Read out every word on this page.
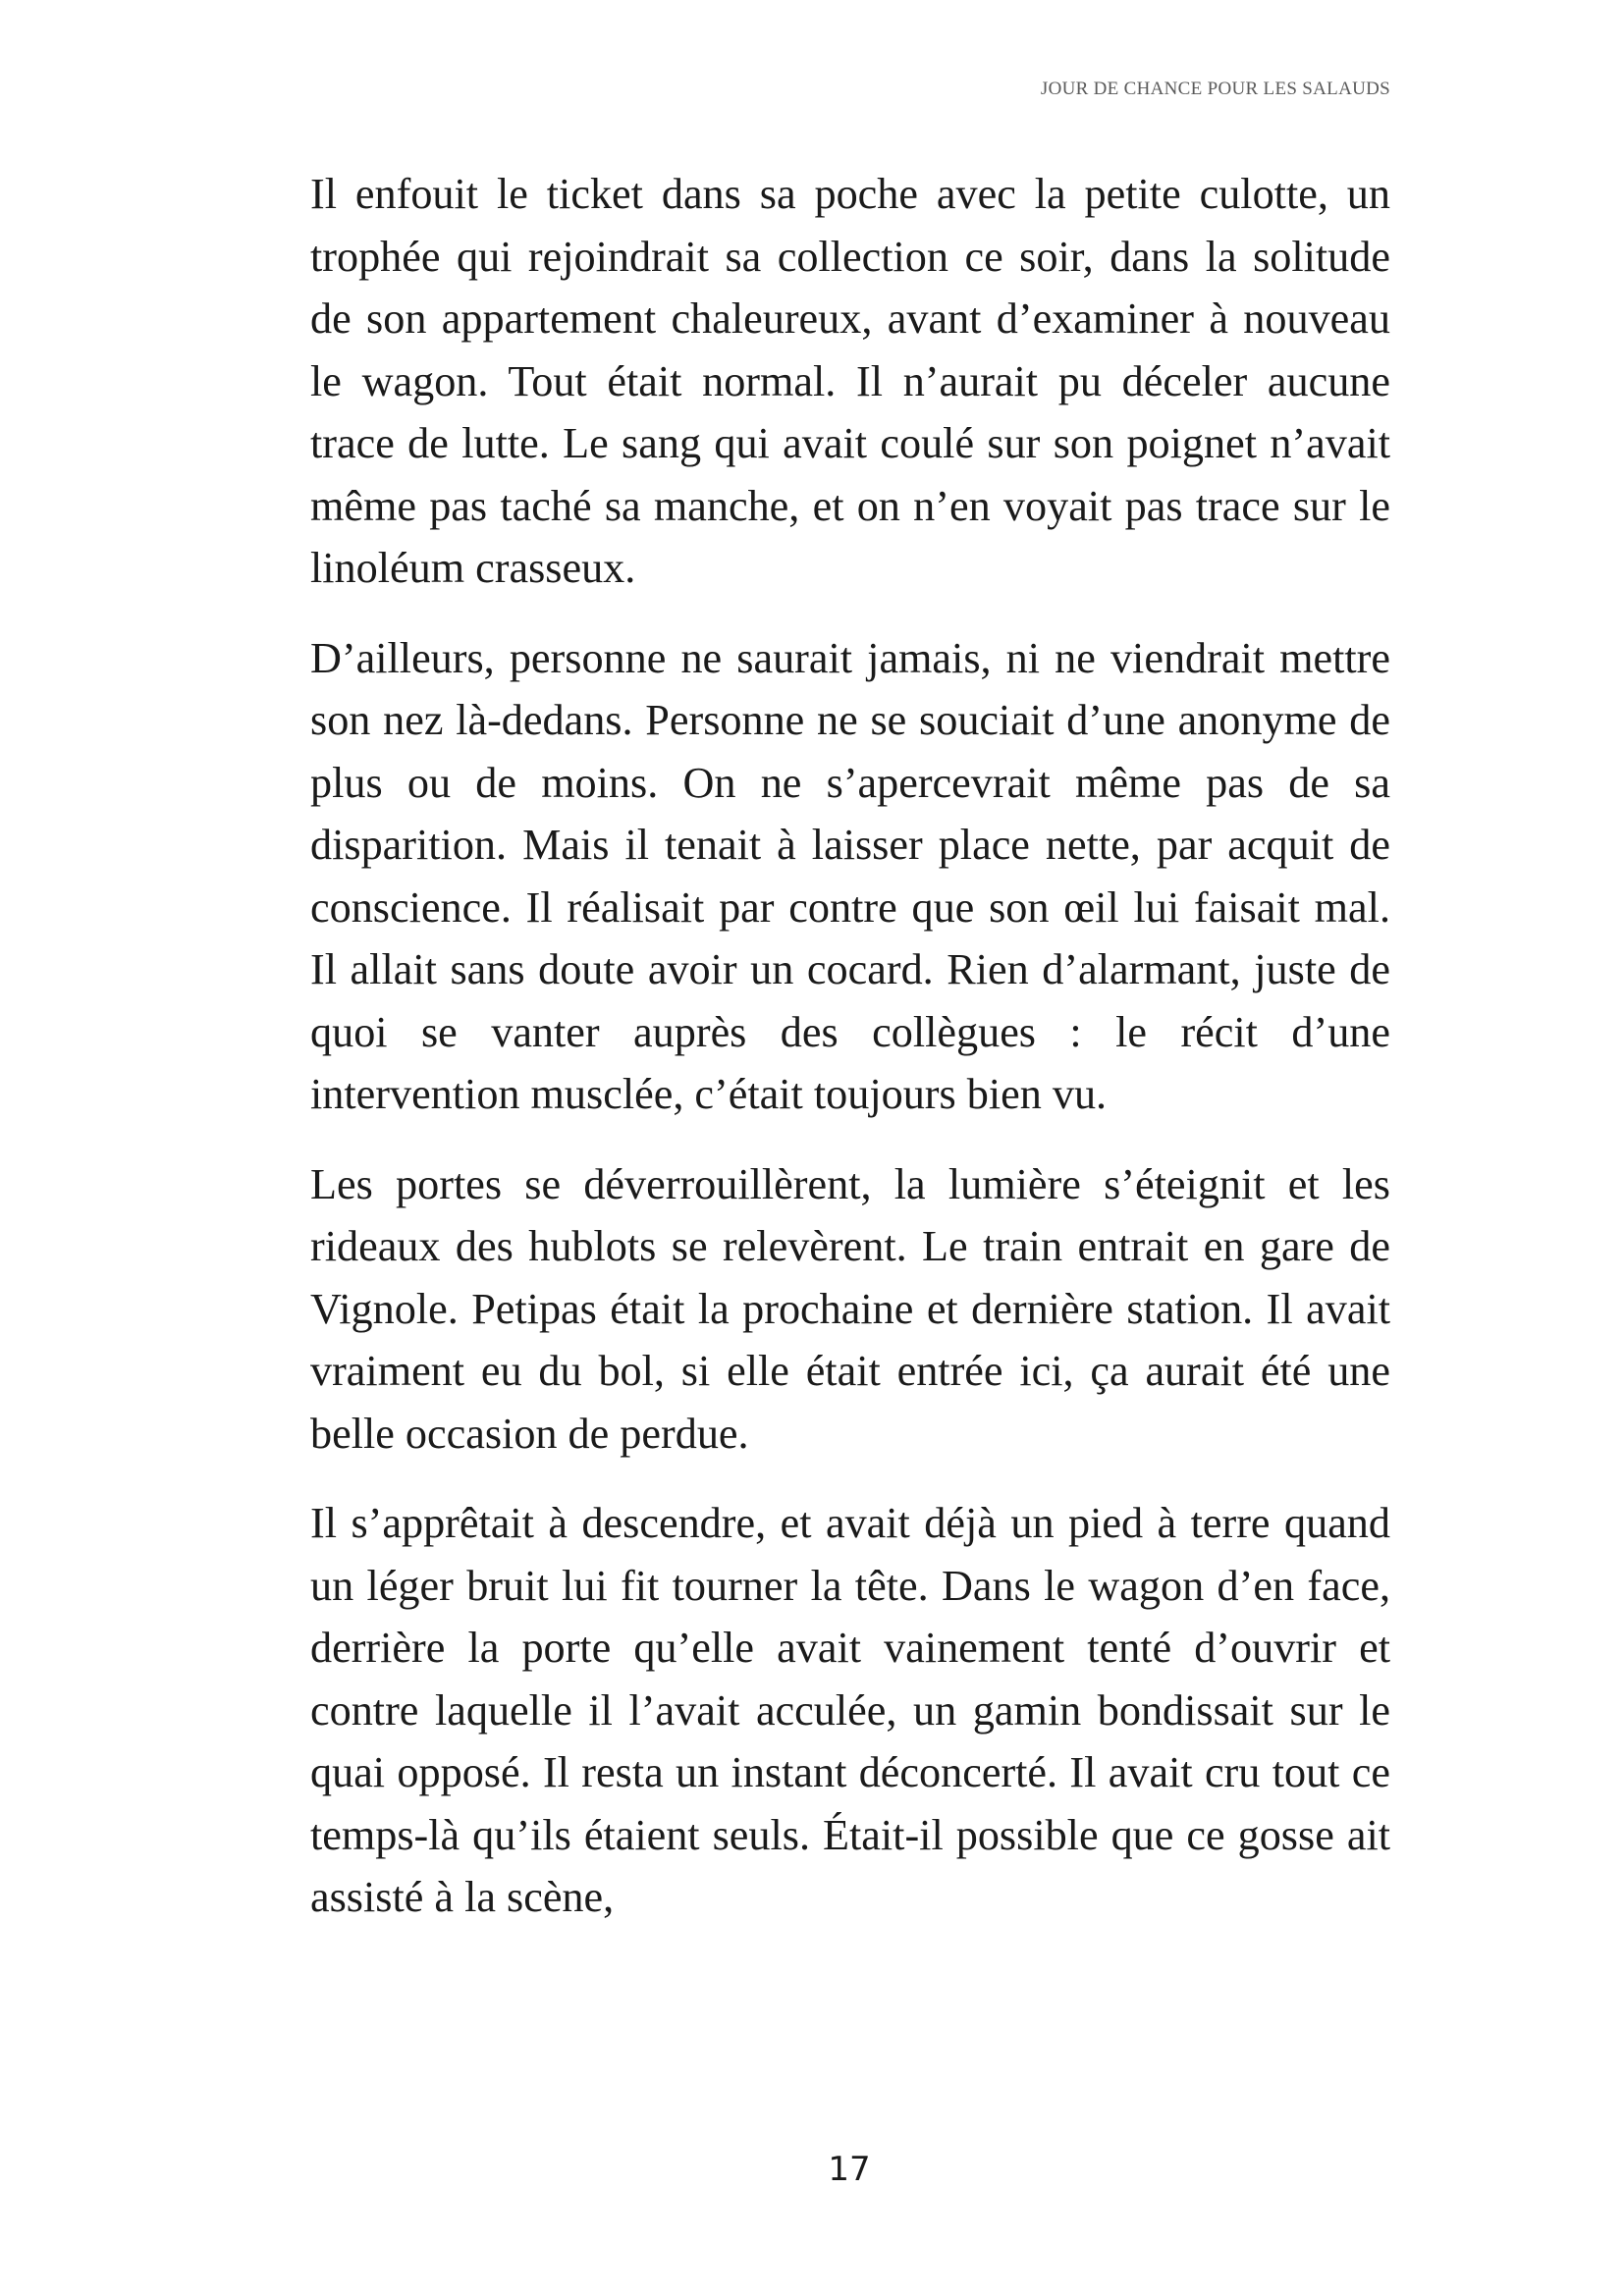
JOUR DE CHANCE POUR LES SALAUDS

Il enfouit le ticket dans sa poche avec la petite culotte, un trophée qui rejoindrait sa collection ce soir, dans la solitude de son appartement chaleureux, avant d’examiner à nouveau le wagon. Tout était normal. Il n’aurait pu déceler aucune trace de lutte. Le sang qui avait coulé sur son poignet n’avait même pas taché sa manche, et on n’en voyait pas trace sur le linoléum crasseux.

D’ailleurs, personne ne saurait jamais, ni ne viendrait mettre son nez là-dedans. Personne ne se souciait d’une anonyme de plus ou de moins. On ne s’apercevrait même pas de sa disparition. Mais il tenait à laisser place nette, par acquit de conscience. Il réalisait par contre que son œil lui faisait mal. Il allait sans doute avoir un cocard. Rien d’alarmant, juste de quoi se vanter auprès des collègues : le récit d’une intervention musclée, c’était toujours bien vu.

Les portes se déverrouillèrent, la lumière s’éteignit et les rideaux des hublots se relevèrent. Le train entrait en gare de Vignole. Petipas était la prochaine et dernière station. Il avait vraiment eu du bol, si elle était entrée ici, ça aurait été une belle occasion de perdue.

Il s’apprêtait à descendre, et avait déjà un pied à terre quand un léger bruit lui fit tourner la tête. Dans le wagon d’en face, derrière la porte qu’elle avait vainement tenté d’ouvrir et contre laquelle il l’avait acculée, un gamin bondissait sur le quai opposé. Il resta un instant déconcerté. Il avait cru tout ce temps-là qu’ils étaient seuls. Était-il possible que ce gosse ait assisté à la scène,

17
